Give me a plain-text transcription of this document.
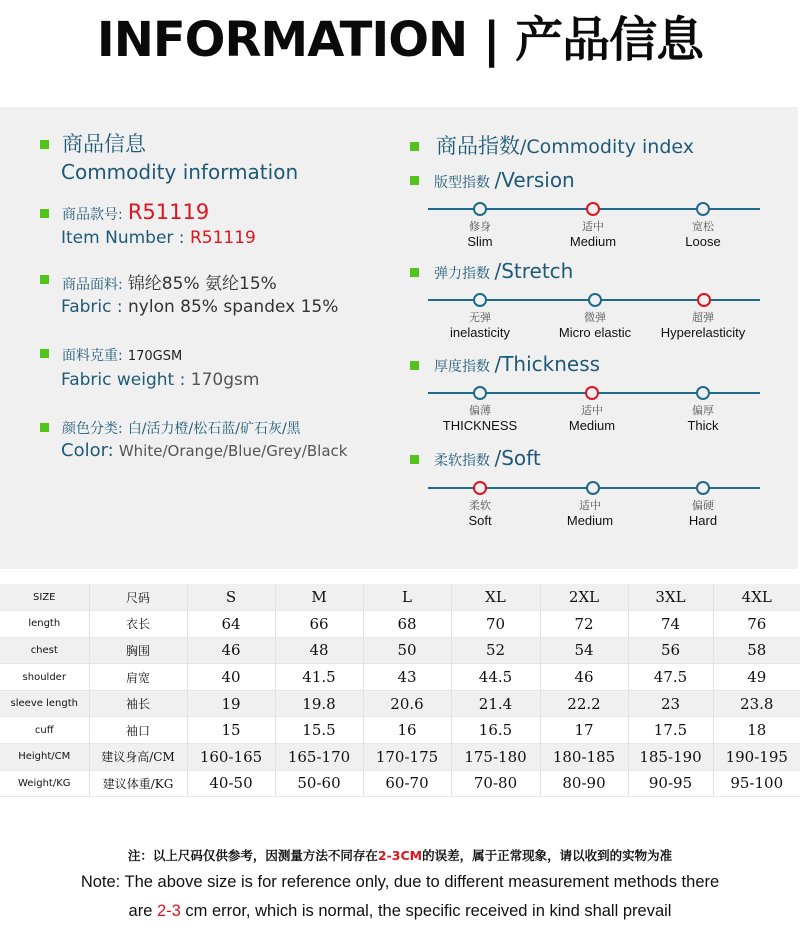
INFORMATION | 产品信息
商品信息
Commodity information
商品款号: R51119
Item Number : R51119
商品面料: 锦纶85% 氨纶15%
Fabric : nylon 85% spandex 15%
面料克重: 170GSM
Fabric weight : 170gsm
颜色分类: 白/活力橙/松石蓝/矿石灰/黑
Color: White/Orange/Blue/Grey/Black
商品指数/Commodity index
版型指数 /Version
修身
Slim
适中
Medium
宽松
Loose
弹力指数 /Stretch
无弹
inelasticity
微弹
Micro elastic
超弹
Hyperelasticity
厚度指数 /Thickness
偏薄
THICKNESS
适中
Medium
偏厚
Thick
柔软指数 /Soft
柔软
Soft
适中
Medium
偏硬
Hard
SIZE	尺码	S	M	L	XL	2XL	3XL	4XL
length	衣长	64	66	68	70	72	74	76
chest	胸围	46	48	50	52	54	56	58
shoulder	肩宽	40	41.5	43	44.5	46	47.5	49
sleeve length	袖长	19	19.8	20.6	21.4	22.2	23	23.8
cuff	袖口	15	15.5	16	16.5	17	17.5	18
Height/CM	建议身高/CM	160-165	165-170	170-175	175-180	180-185	185-190	190-195
Weight/KG	建议体重/KG	40-50	50-60	60-70	70-80	80-90	90-95	95-100
注：以上尺码仅供参考，因测量方法不同存在2-3CM的误差，属于正常现象，请以收到的实物为准
Note: The above size is for reference only, due to different measurement methods there
are 2-3 cm error, which is normal, the specific received in kind shall prevail
